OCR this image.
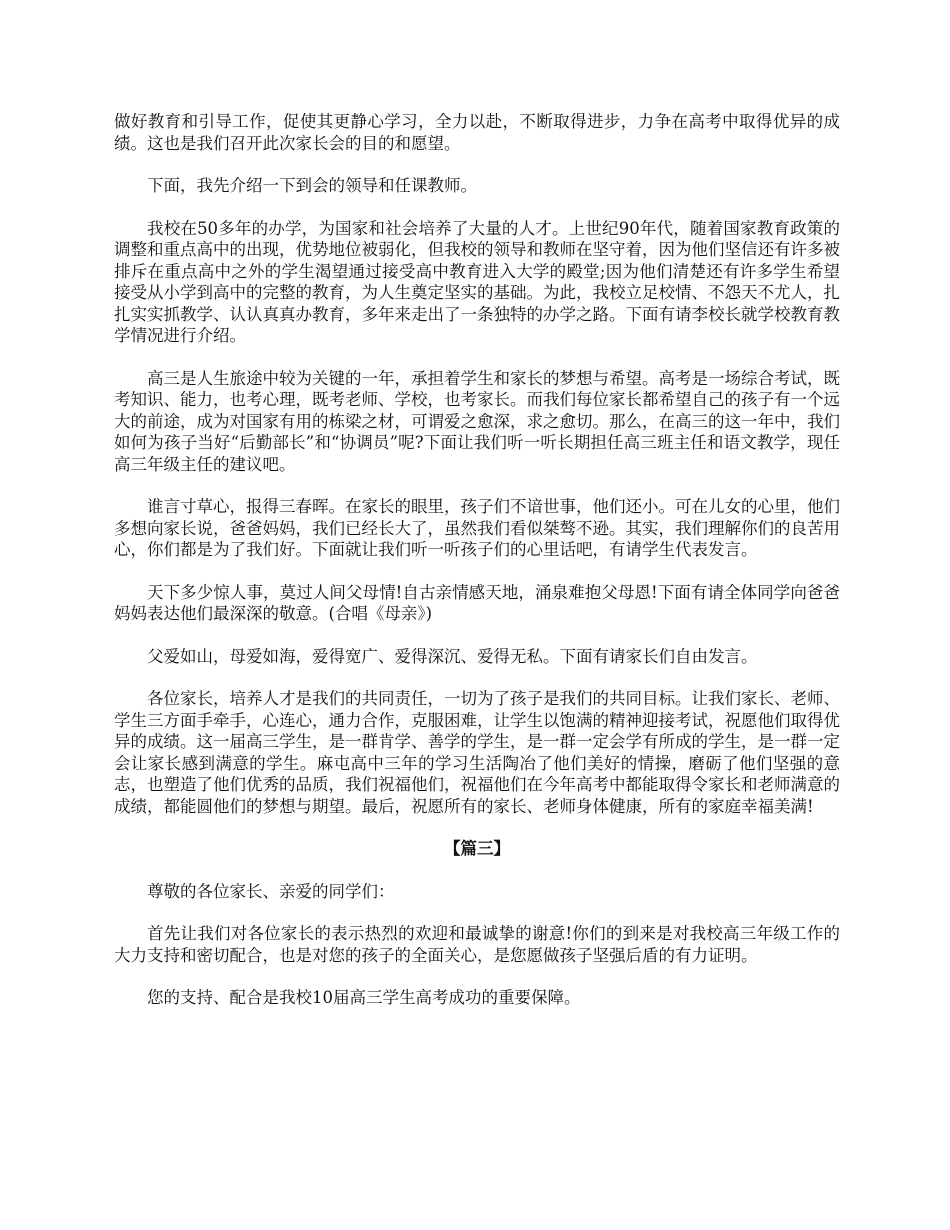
做好教育和引导工作，促使其更静心学习，全力以赴，不断取得进步，力争在高考中取得优异的成绩。这也是我们召开此次家长会的目的和愿望。

下面，我先介绍一下到会的领导和任课教师。

我校在50多年的办学，为国家和社会培养了大量的人才。上世纪90年代，随着国家教育政策的调整和重点高中的出现，优势地位被弱化，但我校的领导和教师在坚守着，因为他们坚信还有许多被排斥在重点高中之外的学生渴望通过接受高中教育进入大学的殿堂;因为他们清楚还有许多学生希望接受从小学到高中的完整的教育，为人生奠定坚实的基础。为此，我校立足校情、不怨天不尤人，扎扎实实抓教学、认认真真办教育，多年来走出了一条独特的办学之路。下面有请李校长就学校教育教学情况进行介绍。

高三是人生旅途中较为关键的一年，承担着学生和家长的梦想与希望。高考是一场综合考试，既考知识、能力，也考心理，既考老师、学校，也考家长。而我们每位家长都希望自己的孩子有一个远大的前途，成为对国家有用的栋梁之材，可谓爱之愈深，求之愈切。那么，在高三的这一年中，我们如何为孩子当好“后勤部长”和“协调员”呢?下面让我们听一听长期担任高三班主任和语文教学，现任高三年级主任的建议吧。

谁言寸草心，报得三春晖。在家长的眼里，孩子们不谙世事，他们还小。可在儿女的心里，他们多想向家长说，爸爸妈妈，我们已经长大了，虽然我们看似桀骜不逊。其实，我们理解你们的良苦用心，你们都是为了我们好。下面就让我们听一听孩子们的心里话吧，有请学生代表发言。

天下多少惊人事，莫过人间父母情!自古亲情感天地，涌泉难抱父母恩!下面有请全体同学向爸爸妈妈表达他们最深深的敬意。(合唱《母亲》)

父爱如山，母爱如海，爱得宽广、爱得深沉、爱得无私。下面有请家长们自由发言。

各位家长，培养人才是我们的共同责任，一切为了孩子是我们的共同目标。让我们家长、老师、学生三方面手牵手，心连心，通力合作，克服困难，让学生以饱满的精神迎接考试，祝愿他们取得优异的成绩。这一届高三学生，是一群肯学、善学的学生，是一群一定会学有所成的学生，是一群一定会让家长感到满意的学生。麻屯高中三年的学习生活陶冶了他们美好的情操，磨砺了他们坚强的意志，也塑造了他们优秀的品质，我们祝福他们，祝福他们在今年高考中都能取得令家长和老师满意的成绩，都能圆他们的梦想与期望。最后，祝愿所有的家长、老师身体健康，所有的家庭幸福美满!

【篇三】

尊敬的各位家长、亲爱的同学们：

首先让我们对各位家长的表示热烈的欢迎和最诚挚的谢意!你们的到来是对我校高三年级工作的大力支持和密切配合，也是对您的孩子的全面关心，是您愿做孩子坚强后盾的有力证明。

您的支持、配合是我校10届高三学生高考成功的重要保障。
